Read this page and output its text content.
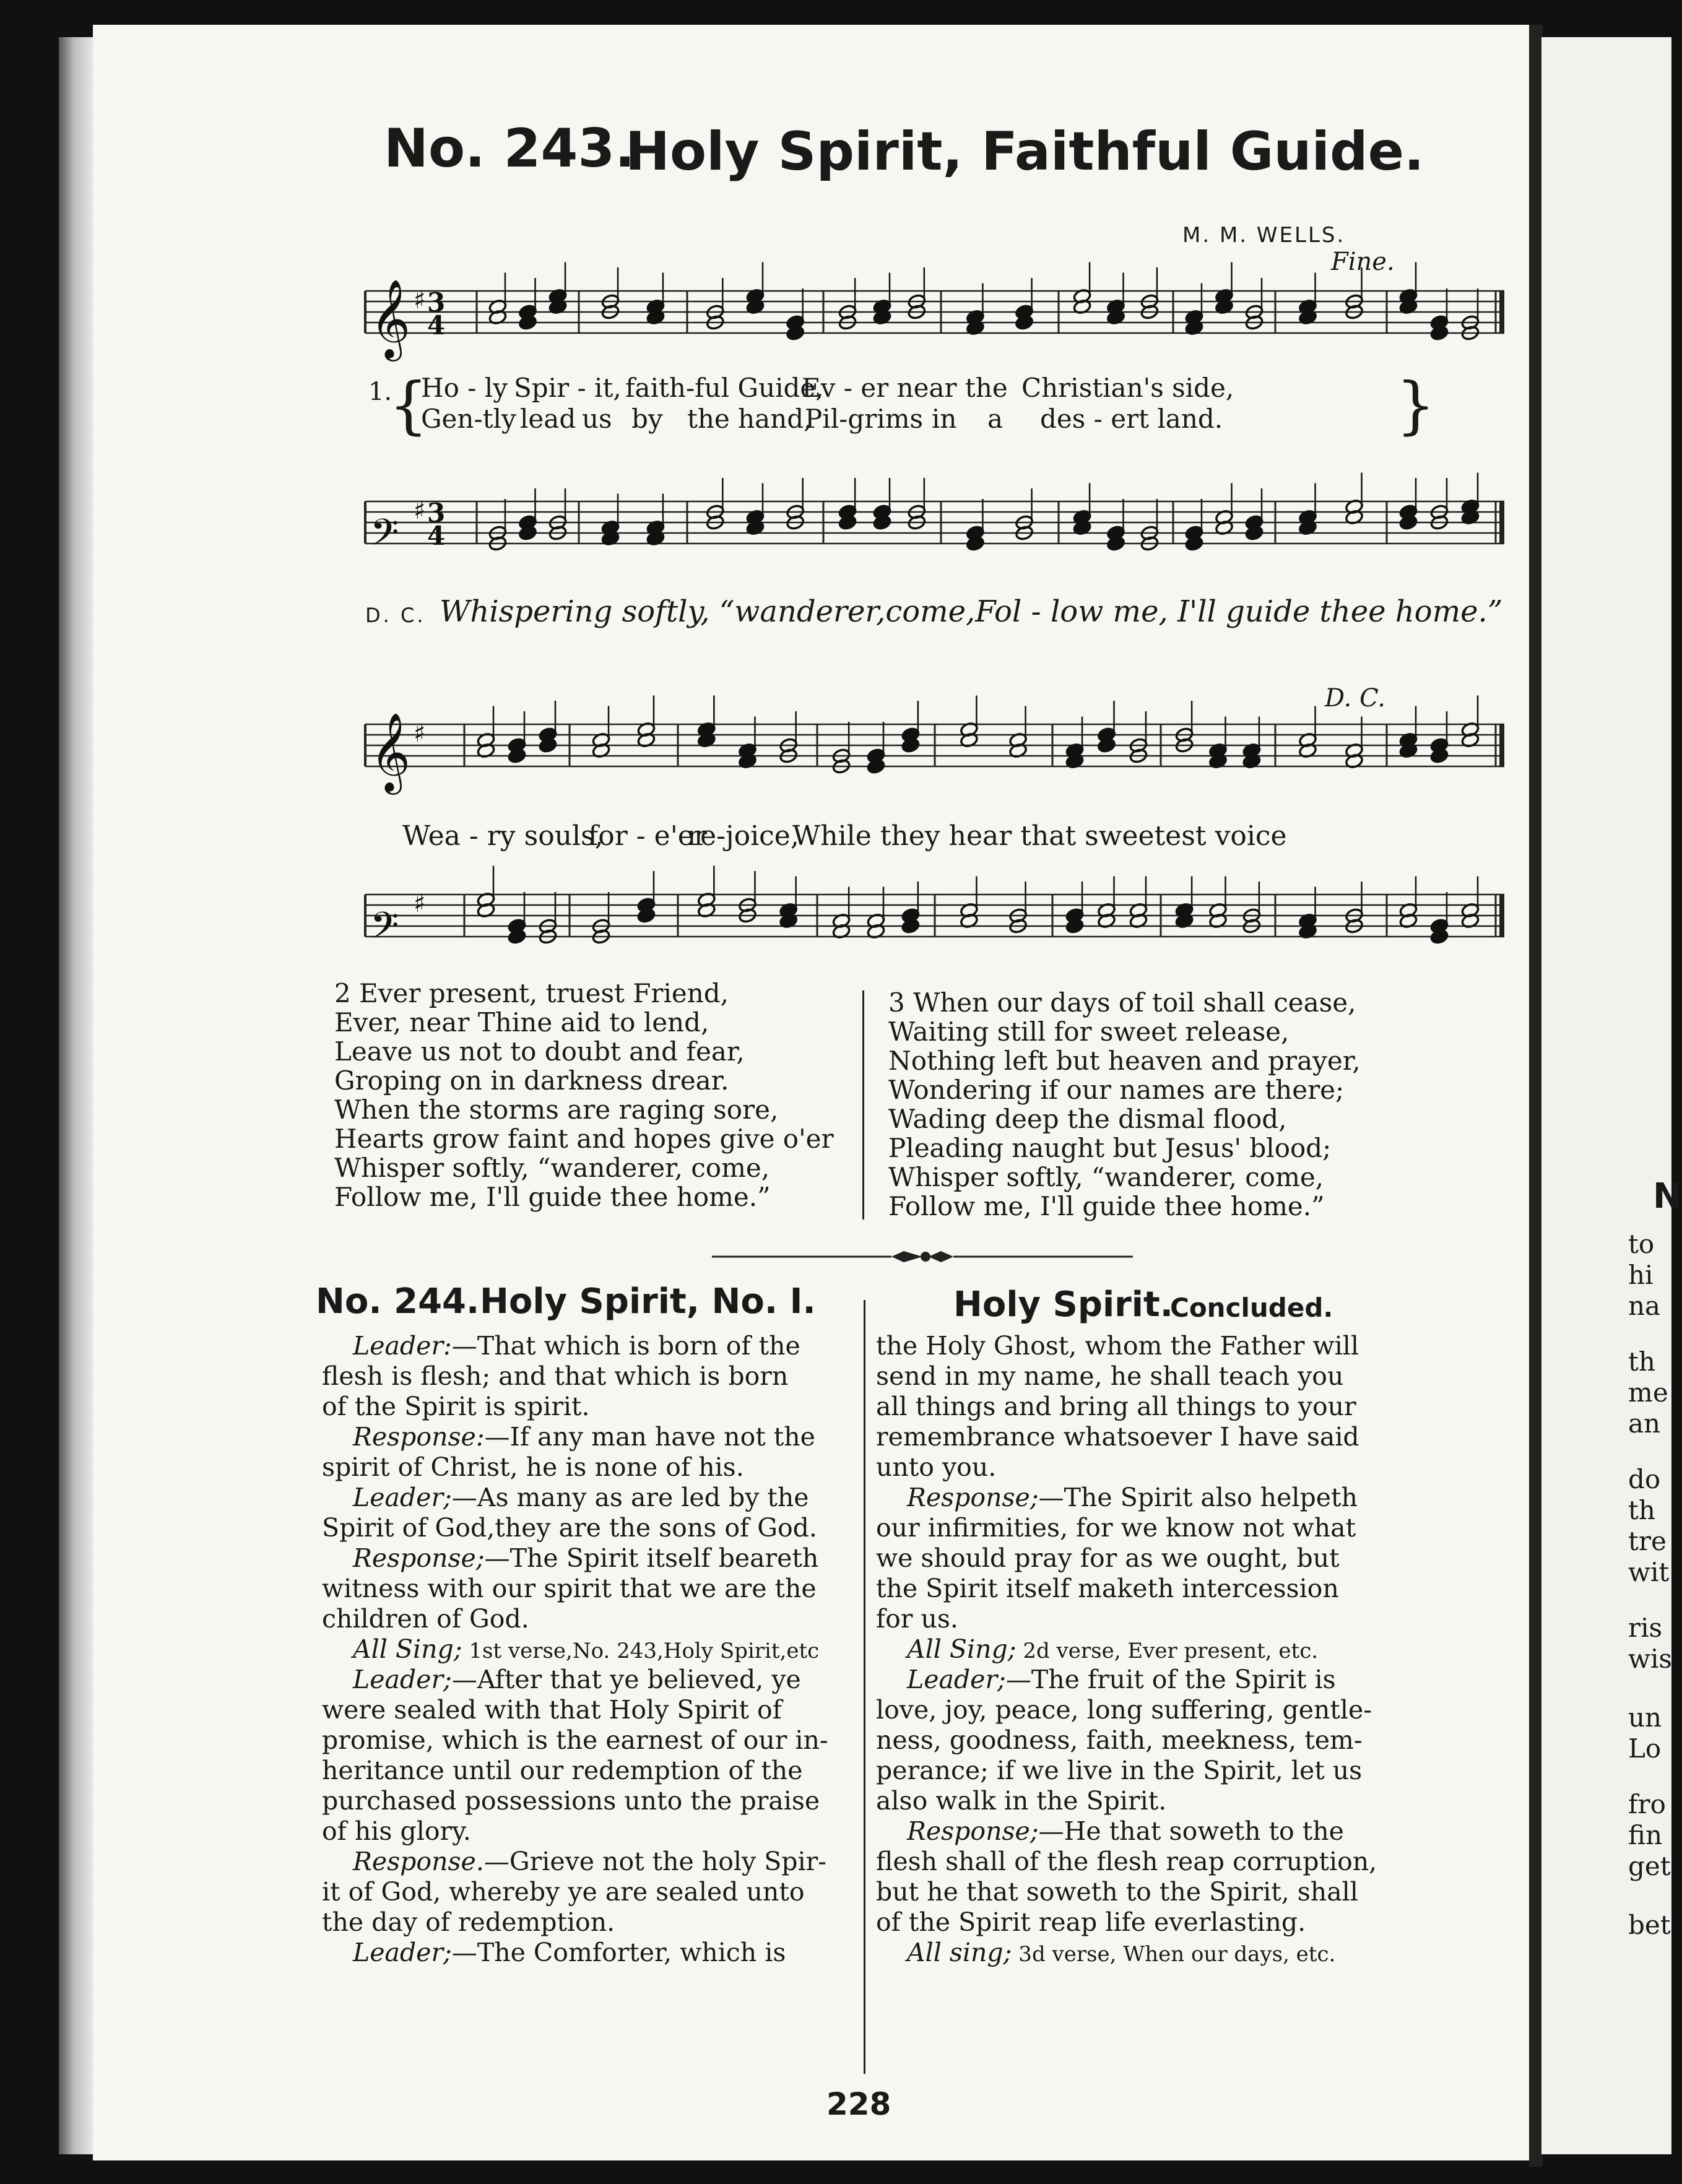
No. 243.
Holy Spirit, Faithful Guide.
M. M. WELLS.
Fine.
𝄞 ♯ 3
4
1.
{	}
Ho - ly Spir - it, faith-ful Guide,
Ev - er near the Christian's side,
Gen-tly lead us by the hand,
Pil-grims in a des - ert land.
𝄢 ♯ 3
4
D. C. Whispering softly, “wanderer,come,Fol - low me, I'll guide thee home.”
D. C.
𝄞 ♯
Wea - ry souls,
for - e'er
re-joice,
While they hear that sweetest voice
𝄢 ♯
2 Ever present, truest Friend,
Ever, near Thine aid to lend,
Leave us not to doubt and fear,
Groping on in darkness drear.
When the storms are raging sore,
Hearts grow faint and hopes give o'er
Whisper softly, “wanderer, come,
Follow me, I'll guide thee home.”
3 When our days of toil shall cease,
Waiting still for sweet release,
Nothing left but heaven and prayer,
Wondering if our names are there;
Wading deep the dismal flood,
Pleading naught but Jesus' blood;
Whisper softly, “wanderer, come,
Follow me, I'll guide thee home.”
No. 244. Holy Spirit, No. I.	Holy Spirit.
Concluded.
Leader:—That which is born of the
flesh is flesh; and that which is born
of the Spirit is spirit.
Response:—If any man have not the
spirit of Christ, he is none of his.
Leader;—As many as are led by the
Spirit of God,they are the sons of God.
Response;—The Spirit itself beareth
witness with our spirit that we are the
children of God.
All Sing; 1st verse,No. 243,Holy Spirit,etc
Leader;—After that ye believed, ye
were sealed with that Holy Spirit of
promise, which is the earnest of our in-
heritance until our redemption of the
purchased possessions unto the praise
of his glory.
Response.—Grieve not the holy Spir-
it of God, whereby ye are sealed unto
the day of redemption.
Leader;—The Comforter, which is
the Holy Ghost, whom the Father will
send in my name, he shall teach you
all things and bring all things to your
remembrance whatsoever I have said
unto you.
Response;—The Spirit also helpeth
our infirmities, for we know not what
we should pray for as we ought, but
the Spirit itself maketh intercession
for us.
All Sing; 2d verse, Ever present, etc.
Leader;—The fruit of the Spirit is
love, joy, peace, long suffering, gentle-
ness, goodness, faith, meekness, tem-
perance; if we live in the Spirit, let us
also walk in the Spirit.
Response;—He that soweth to the
flesh shall of the flesh reap corruption,
but he that soweth to the Spirit, shall
of the Spirit reap life everlasting.
All sing; 3d verse, When our days, etc.
228
N
to
hi
na
th
me
an
do
th
tre
wit
ris
wis
un
Lo
fro
fin
get
bet
